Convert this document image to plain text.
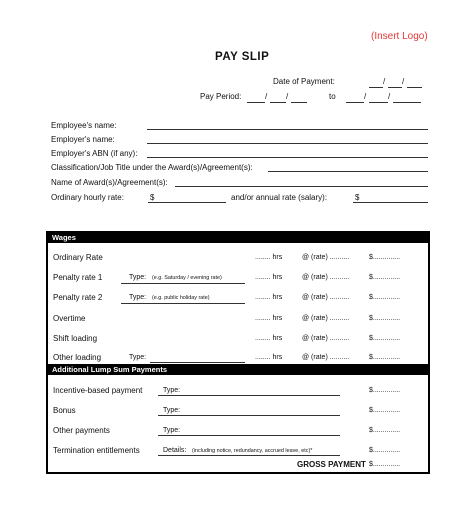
(Insert Logo)
PAY SLIP
Date of Payment:	/ /
Pay Period:	/ /	to	/	/
Employee's name:
Employer's name:
Employer's ABN (if any):
Classification/Job Title under the Award(s)/Agreement(s):
Name of Award(s)/Agreement(s):
Ordinary hourly rate:	$	and/or annual rate (salary):	$
Wages
Ordinary Rate	........ hrs	@ (rate) ..........	$..............
Penalty rate 1	Type: (e.g. Saturday / evening rate)	........ hrs	@ (rate) ..........	$..............
Penalty rate 2	Type: (e.g. public holiday rate)	........ hrs	@ (rate) ..........	$..............
Overtime	........ hrs	@ (rate) ..........	$..............
Shift loading	........ hrs	@ (rate) ..........	$..............
Other loading	Type:	........ hrs	@ (rate) ..........	$..............
Additional Lump Sum Payments
Incentive-based payment	Type:	$..............
Bonus	Type:	$..............
Other payments	Type:	$..............
Termination entitlements	Details: (including notice, redundancy, accrued leave, etc)*	$..............
GROSS PAYMENT $..............
